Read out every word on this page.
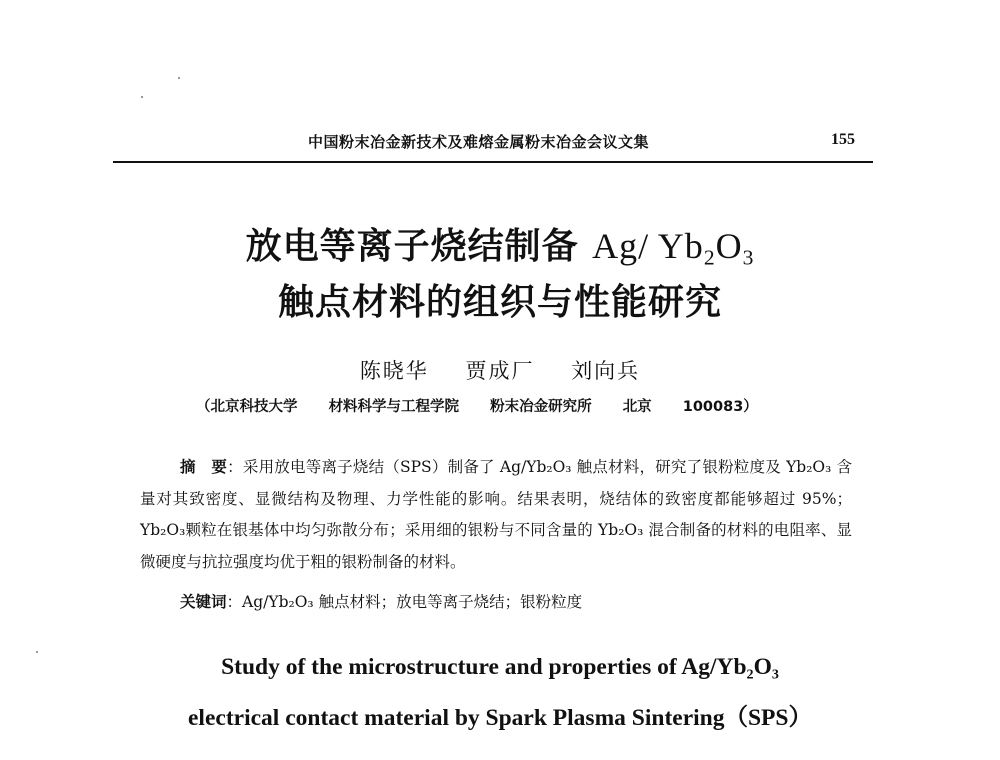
中国粉末冶金新技术及难熔金属粉末冶金会议文集	155
放电等离子烧结制备 Ag/ $Yb_2O_3$
触点材料的组织与性能研究
陈晓华 贾成厂 刘向兵
（北京科技大学 材料科学与工程学院 粉末冶金研究所 北京 100083）

摘　要：采用放电等离子烧结（SPS）制备了 Ag/Yb₂O₃ 触点材料，研究了银粉粒度及 Yb₂O₃ 含量对其致密度、显微结构及物理、力学性能的影响。结果表明，烧结体的致密度都能够超过 95%；Yb₂O₃颗粒在银基体中均匀弥散分布；采用细的银粉与不同含量的 Yb₂O₃ 混合制备的材料的电阻率、显微硬度与抗拉强度均优于粗的银粉制备的材料。

关键词：Ag/Yb₂O₃ 触点材料；放电等离子烧结；银粉粒度
Study of the microstructure and properties of Ag/Yb₂O₃
electrical contact material by Spark Plasma Sintering（SPS）
